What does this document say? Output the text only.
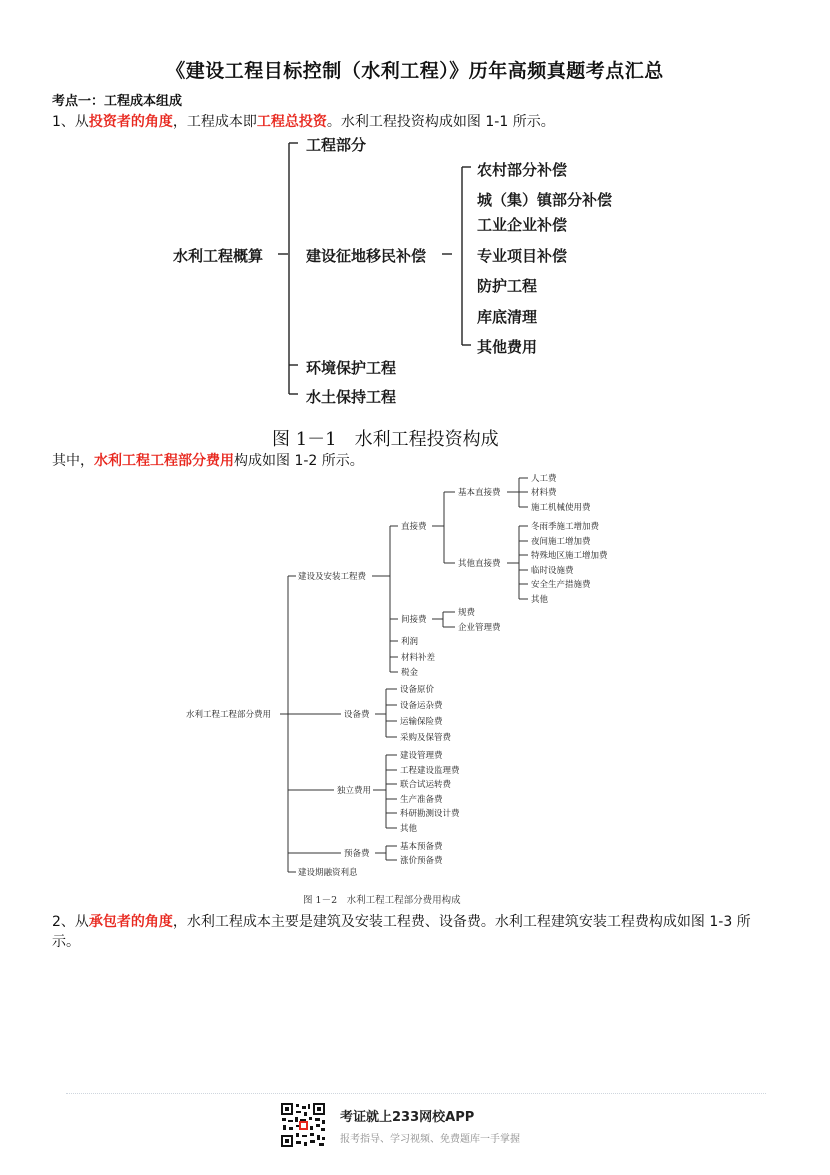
《建设工程目标控制（水利工程）》历年高频真题考点汇总
考点一：工程成本组成
1、从投资者的角度，工程成本即工程总投资。水利工程投资构成如图 1-1 所示。
水利工程概算
工程部分
建设征地移民补偿
环境保护工程
水土保持工程
农村部分补偿
城（集）镇部分补偿
工业企业补偿
专业项目补偿
防护工程
库底清理
其他费用
图 1－1　水利工程投资构成
其中，水利工程工程部分费用构成如图 1-2 所示。
水利工程工程部分费用
建设及安装工程费
直接费
基本直接费
人工费
材料费
施工机械使用费
其他直接费
冬雨季施工增加费
夜间施工增加费
特殊地区施工增加费
临时设施费
安全生产措施费
其他
间接费
规费
企业管理费
利润
材料补差
税金
设备费
设备原价
设备运杂费
运输保险费
采购及保管费
独立费用
建设管理费
工程建设监理费
联合试运转费
生产准备费
科研勘测设计费
其他
预备费
基本预备费
涨价预备费
建设期融资利息
图 1－2　水利工程工程部分费用构成
2、从承包者的角度，水利工程成本主要是建筑及安装工程费、设备费。水利工程建筑安装工程费构成如图 1-3 所
示。
考证就上233网校APP
报考指导、学习视频、免费题库一手掌握
